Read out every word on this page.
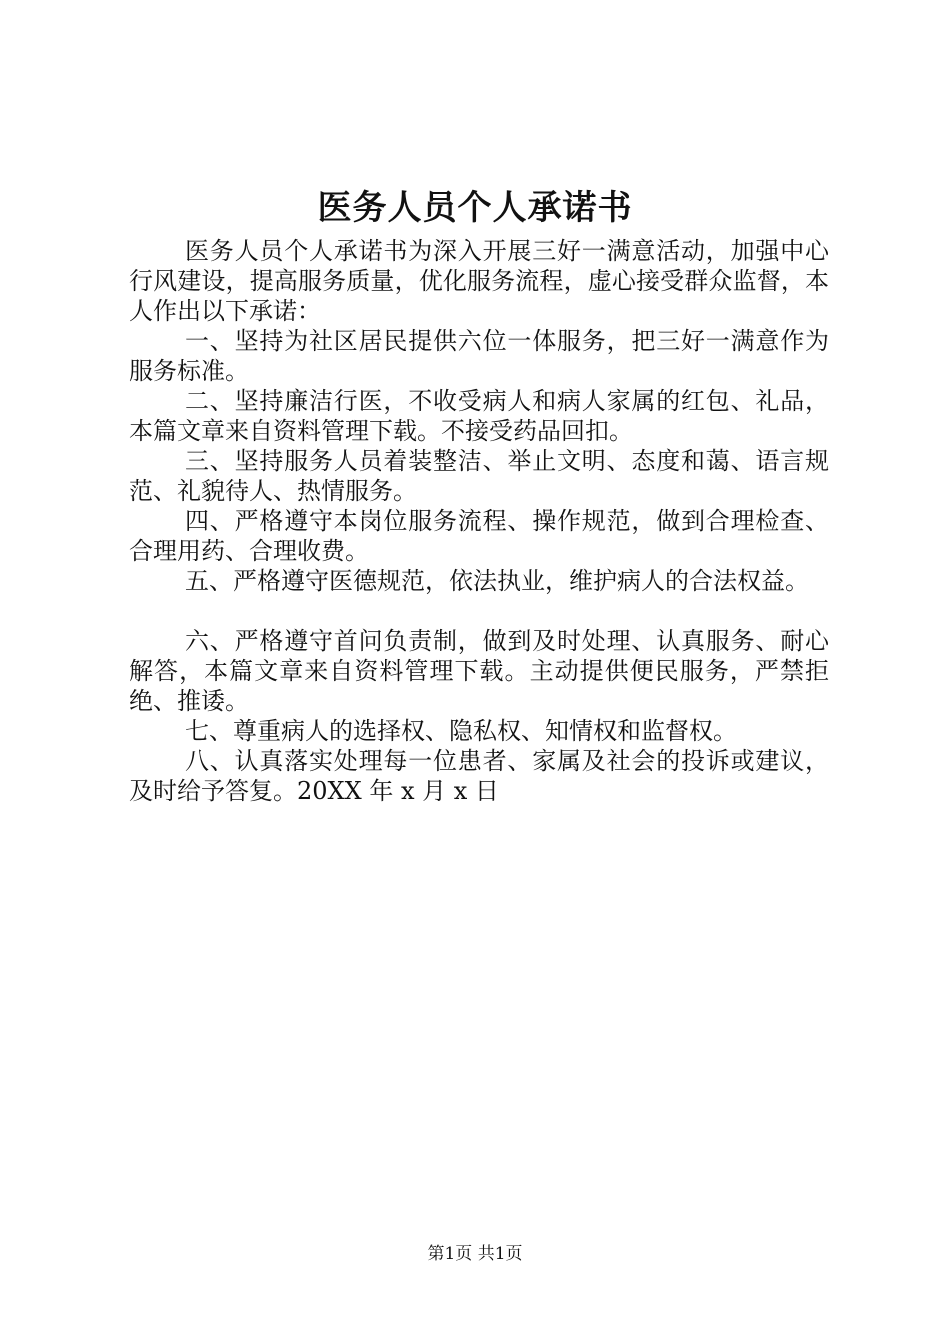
医务人员个人承诺书

医务人员个人承诺书为深入开展三好一满意活动，加强中心行风建设，提高服务质量，优化服务流程，虚心接受群众监督，本人作出以下承诺：

一、坚持为社区居民提供六位一体服务，把三好一满意作为服务标准。

二、坚持廉洁行医，不收受病人和病人家属的红包、礼品，本篇文章来自资料管理下载。不接受药品回扣。

三、坚持服务人员着装整洁、举止文明、态度和蔼、语言规范、礼貌待人、热情服务。

四、严格遵守本岗位服务流程、操作规范，做到合理检查、合理用药、合理收费。

五、严格遵守医德规范，依法执业，维护病人的合法权益。

六、严格遵守首问负责制，做到及时处理、认真服务、耐心解答，本篇文章来自资料管理下载。主动提供便民服务，严禁拒绝、推诿。

七、尊重病人的选择权、隐私权、知情权和监督权。

八、认真落实处理每一位患者、家属及社会的投诉或建议，及时给予答复。20XX 年 x 月 x 日

第1页 共1页
